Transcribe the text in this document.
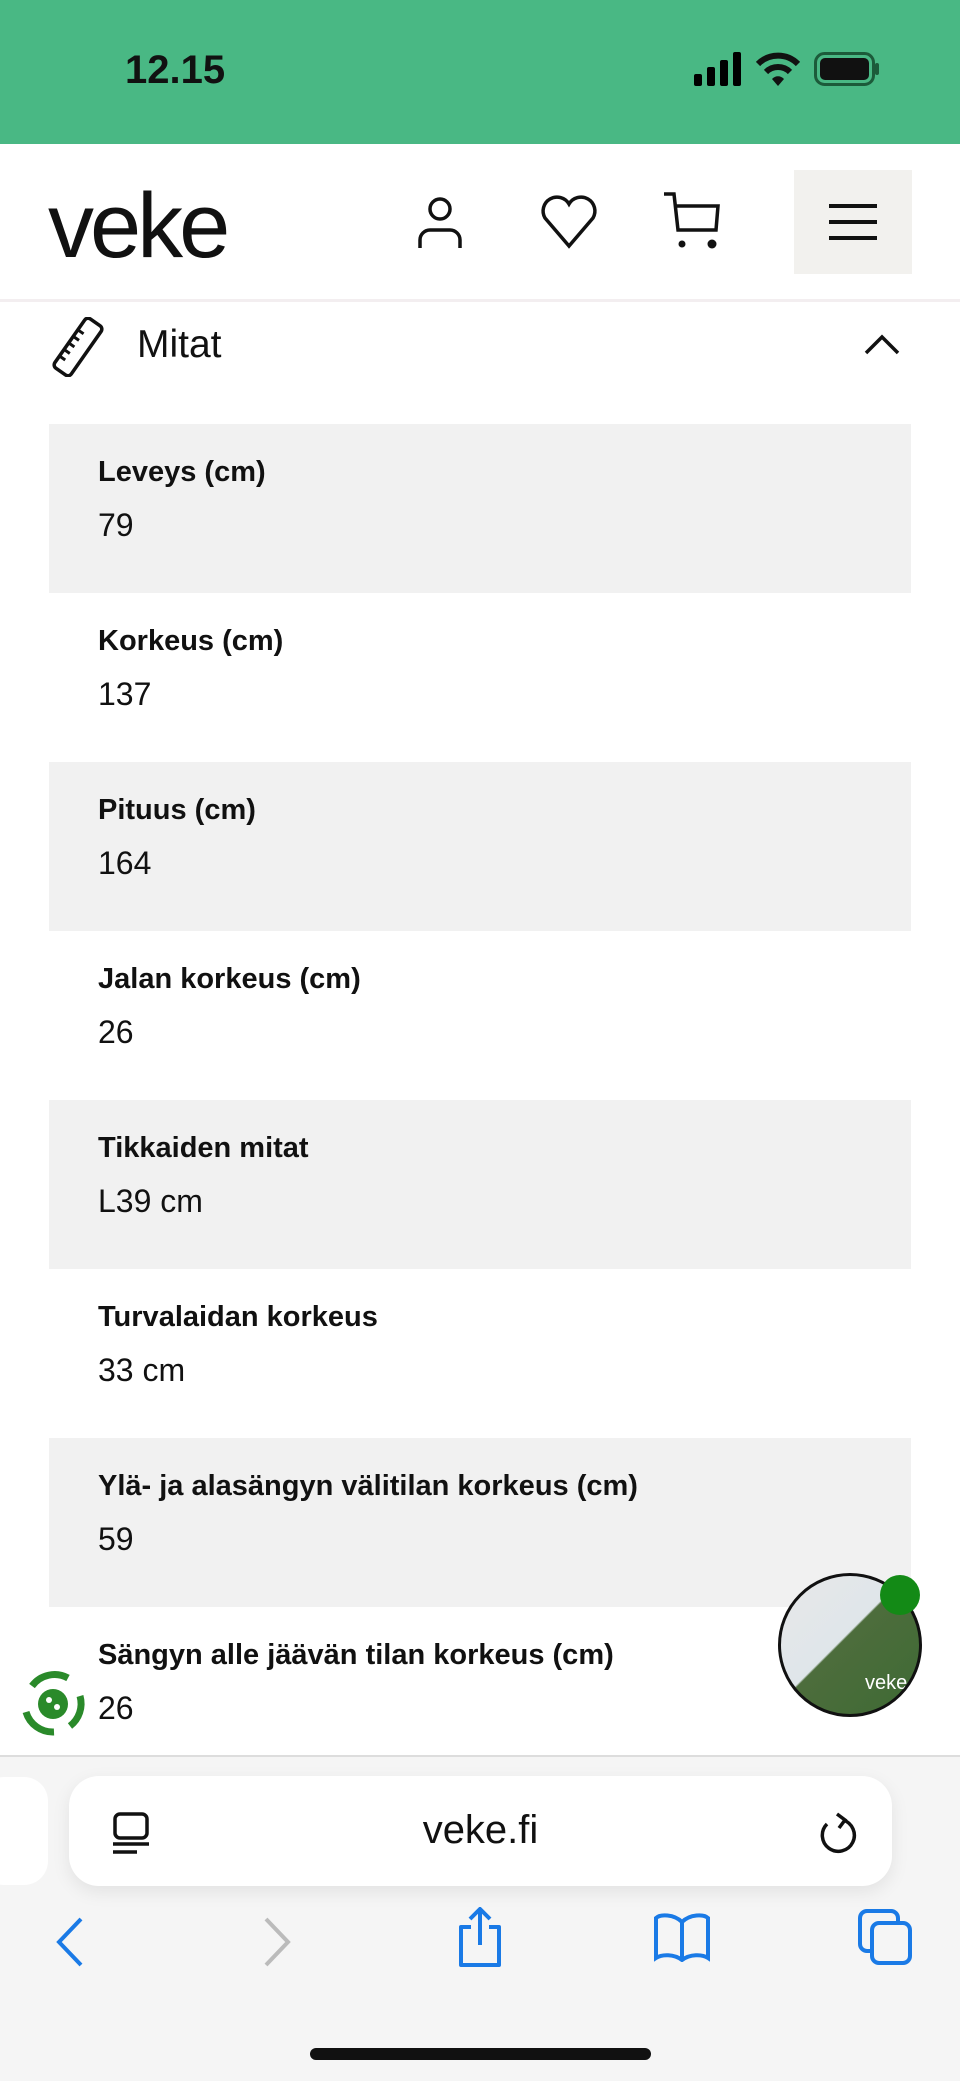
12.15
veke
Mitat
Leveys (cm)
79
Korkeus (cm)
137
Pituus (cm)
164
Jalan korkeus (cm)
26
Tikkaiden mitat
L39 cm
Turvalaidan korkeus
33 cm
Ylä- ja alasängyn välitilan korkeus (cm)
59
Sängyn alle jäävän tilan korkeus (cm)
26
veke
veke.fi
